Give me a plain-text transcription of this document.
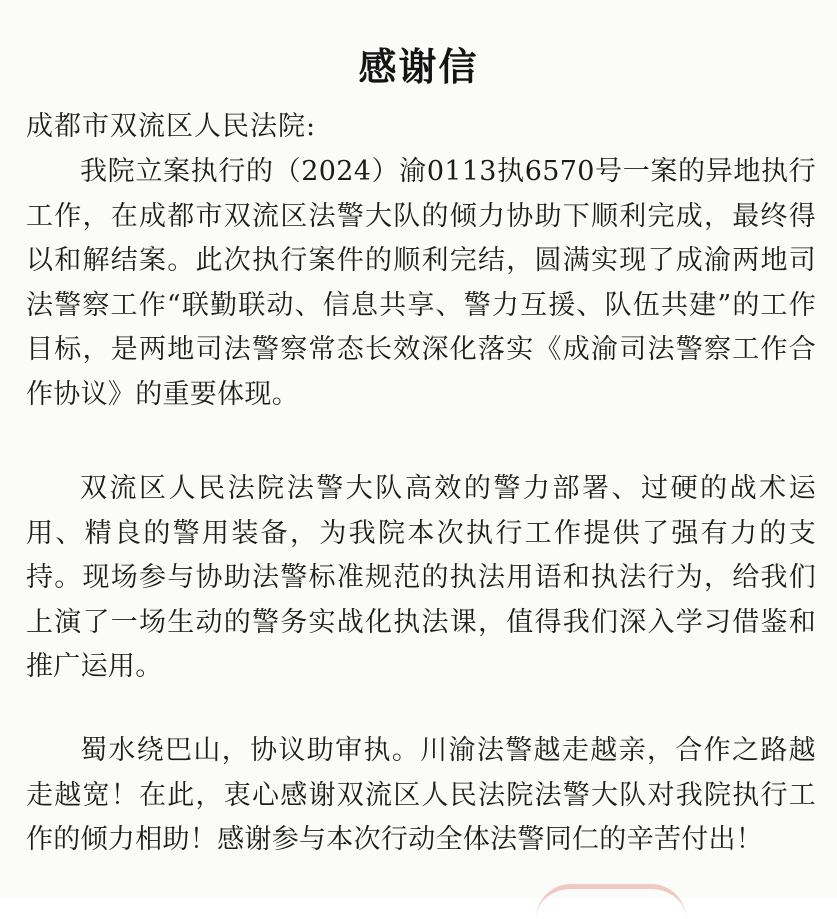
感谢信
成都市双流区人民法院:
我院立案执行的（2024）渝0113执6570号一案的异地执行工作，在成都市双流区法警大队的倾力协助下顺利完成，最终得以和解结案。此次执行案件的顺利完结，圆满实现了成渝两地司法警察工作“联勤联动、信息共享、警力互援、队伍共建”的工作目标，是两地司法警察常态长效深化落实《成渝司法警察工作合作协议》的重要体现。
双流区人民法院法警大队高效的警力部署、过硬的战术运用、精良的警用装备，为我院本次执行工作提供了强有力的支持。现场参与协助法警标准规范的执法用语和执法行为，给我们上演了一场生动的警务实战化执法课，值得我们深入学习借鉴和推广运用。
蜀水绕巴山，协议助审执。川渝法警越走越亲，合作之路越走越宽！在此，衷心感谢双流区人民法院法警大队对我院执行工作的倾力相助！感谢参与本次行动全体法警同仁的辛苦付出！
